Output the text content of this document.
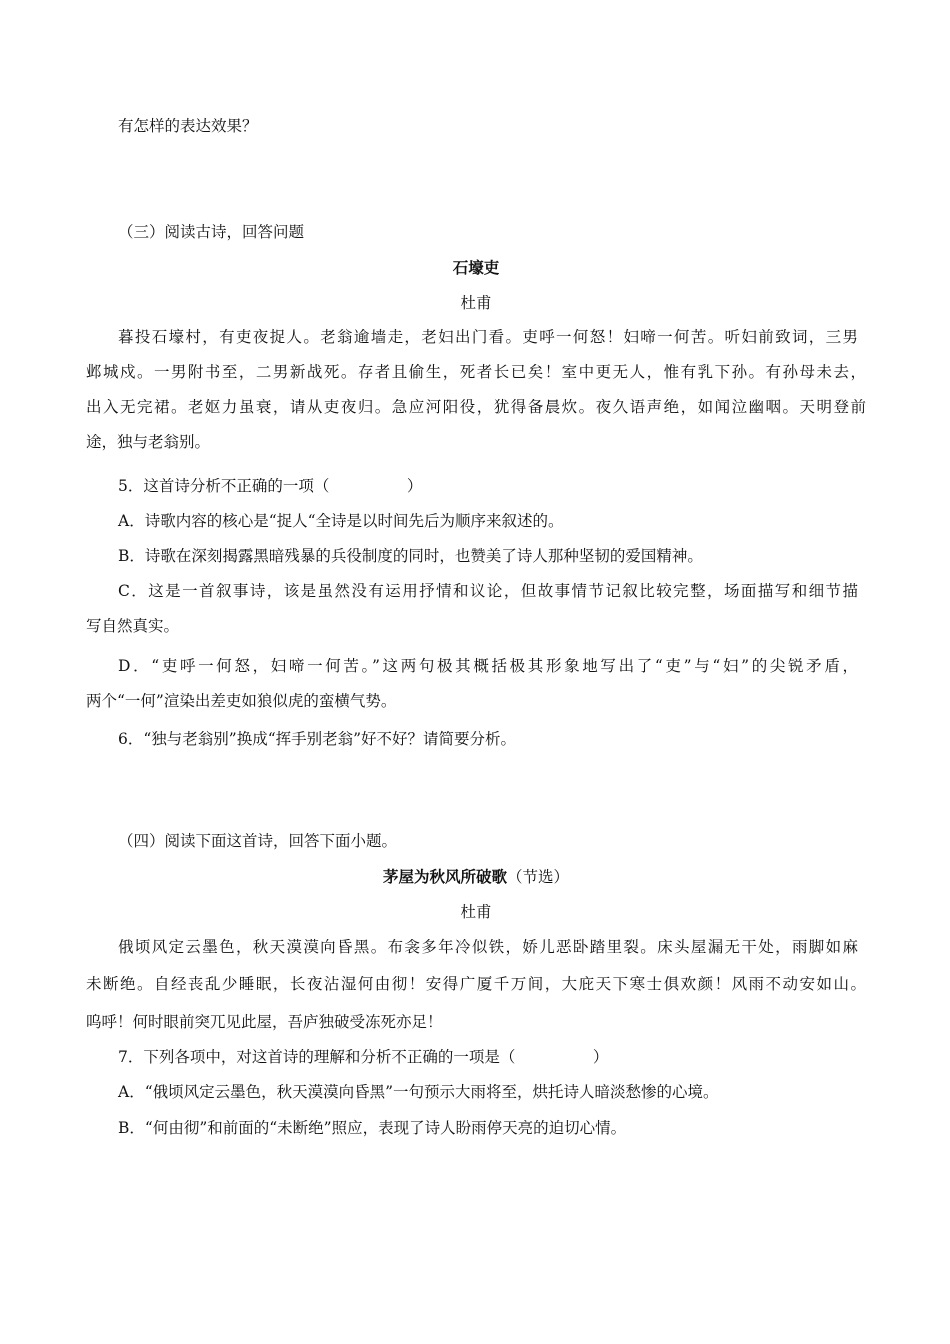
有怎样的表达效果？

（三）阅读古诗，回答问题

石壕吏

杜甫

暮投石壕村，有吏夜捉人。老翁逾墙走，老妇出门看。吏呼一何怒！妇啼一何苦。听妇前致词，三男

邺城戍。一男附书至，二男新战死。存者且偷生，死者长已矣！室中更无人，惟有乳下孙。有孙母未去，

出入无完裙。老妪力虽衰，请从吏夜归。急应河阳役，犹得备晨炊。夜久语声绝，如闻泣幽咽。天明登前

途，独与老翁别。

5．这首诗分析不正确的一项（　　　　　）

A．诗歌内容的核心是“捉人“全诗是以时间先后为顺序来叙述的。

B．诗歌在深刻揭露黑暗残暴的兵役制度的同时，也赞美了诗人那种坚韧的爱国精神。

C．这是一首叙事诗，该是虽然没有运用抒情和议论，但故事情节记叙比较完整，场面描写和细节描

写自然真实。

D．“吏呼一何怒，妇啼一何苦。”这两句极其概括极其形象地写出了“吏”与“妇”的尖锐矛盾，

两个“一何”渲染出差吏如狼似虎的蛮横气势。

6．“独与老翁别”换成“挥手别老翁”好不好？请简要分析。

（四）阅读下面这首诗，回答下面小题。

茅屋为秋风所破歌（节选）

杜甫

俄顷风定云墨色，秋天漠漠向昏黑。布衾多年冷似铁，娇儿恶卧踏里裂。床头屋漏无干处，雨脚如麻

未断绝。自经丧乱少睡眠，长夜沾湿何由彻！安得广厦千万间，大庇天下寒士俱欢颜！风雨不动安如山。

呜呼！何时眼前突兀见此屋，吾庐独破受冻死亦足！

7．下列各项中，对这首诗的理解和分析不正确的一项是（　　　　　）

A．“俄顷风定云墨色，秋天漠漠向昏黑”一句预示大雨将至，烘托诗人暗淡愁惨的心境。

B．“何由彻”和前面的“未断绝”照应，表现了诗人盼雨停天亮的迫切心情。
